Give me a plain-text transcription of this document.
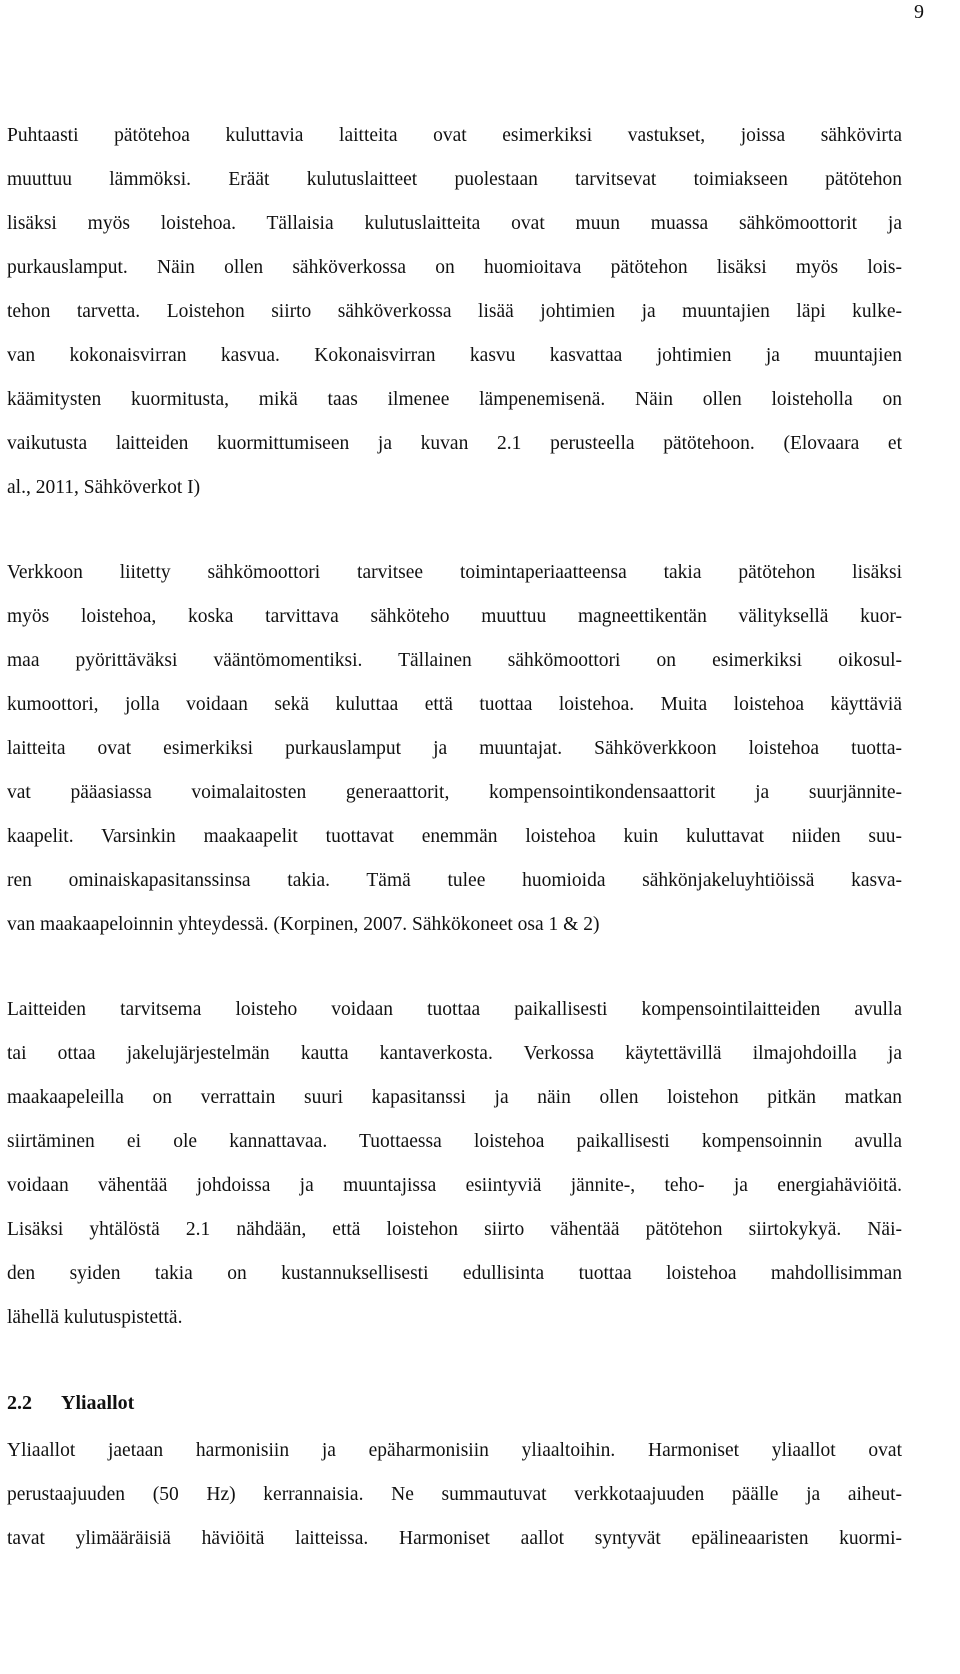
9
Puhtaasti pätötehoa kuluttavia laitteita ovat esimerkiksi vastukset, joissa sähkövirta
muuttuu lämmöksi. Eräät kulutuslaitteet puolestaan tarvitsevat toimiakseen pätötehon
lisäksi myös loistehoa. Tällaisia kulutuslaitteita ovat muun muassa sähkömoottorit ja
purkauslamput. Näin ollen sähköverkossa on huomioitava pätötehon lisäksi myös lois-
tehon tarvetta. Loistehon siirto sähköverkossa lisää johtimien ja muuntajien läpi kulke-
van kokonaisvirran kasvua. Kokonaisvirran kasvu kasvattaa johtimien ja muuntajien
käämitysten kuormitusta, mikä taas ilmenee lämpenemisenä. Näin ollen loisteholla on
vaikutusta laitteiden kuormittumiseen ja kuvan 2.1 perusteella pätötehoon. (Elovaara et
al., 2011, Sähköverkot I)
Verkkoon liitetty sähkömoottori tarvitsee toimintaperiaatteensa takia pätötehon lisäksi
myös loistehoa, koska tarvittava sähköteho muuttuu magneettikentän välityksellä kuor-
maa pyörittäväksi vääntömomentiksi. Tällainen sähkömoottori on esimerkiksi oikosul-
kumoottori, jolla voidaan sekä kuluttaa että tuottaa loistehoa. Muita loistehoa käyttäviä
laitteita ovat esimerkiksi purkauslamput ja muuntajat. Sähköverkkoon loistehoa tuotta-
vat pääasiassa voimalaitosten generaattorit, kompensointikondensaattorit ja suurjännite-
kaapelit. Varsinkin maakaapelit tuottavat enemmän loistehoa kuin kuluttavat niiden suu-
ren ominaiskapasitanssinsa takia. Tämä tulee huomioida sähkönjakeluyhtiöissä kasva-
van maakaapeloinnin yhteydessä. (Korpinen, 2007. Sähkökoneet osa 1 & 2)
Laitteiden tarvitsema loisteho voidaan tuottaa paikallisesti kompensointilaitteiden avulla
tai ottaa jakelujärjestelmän kautta kantaverkosta. Verkossa käytettävillä ilmajohdoilla ja
maakaapeleilla on verrattain suuri kapasitanssi ja näin ollen loistehon pitkän matkan
siirtäminen ei ole kannattavaa. Tuottaessa loistehoa paikallisesti kompensoinnin avulla
voidaan vähentää johdoissa ja muuntajissa esiintyviä jännite-, teho- ja energiahäviöitä.
Lisäksi yhtälöstä 2.1 nähdään, että loistehon siirto vähentää pätötehon siirtokykyä. Näi-
den syiden takia on kustannuksellisesti edullisinta tuottaa loistehoa mahdollisimman
lähellä kulutuspistettä.
2.2 Yliaallot
Yliaallot jaetaan harmonisiin ja epäharmonisiin yliaaltoihin. Harmoniset yliaallot ovat
perustaajuuden (50 Hz) kerrannaisia. Ne summautuvat verkkotaajuuden päälle ja aiheut-
tavat ylimääräisiä häviöitä laitteissa. Harmoniset aallot syntyvät epälineaaristen kuormi-
